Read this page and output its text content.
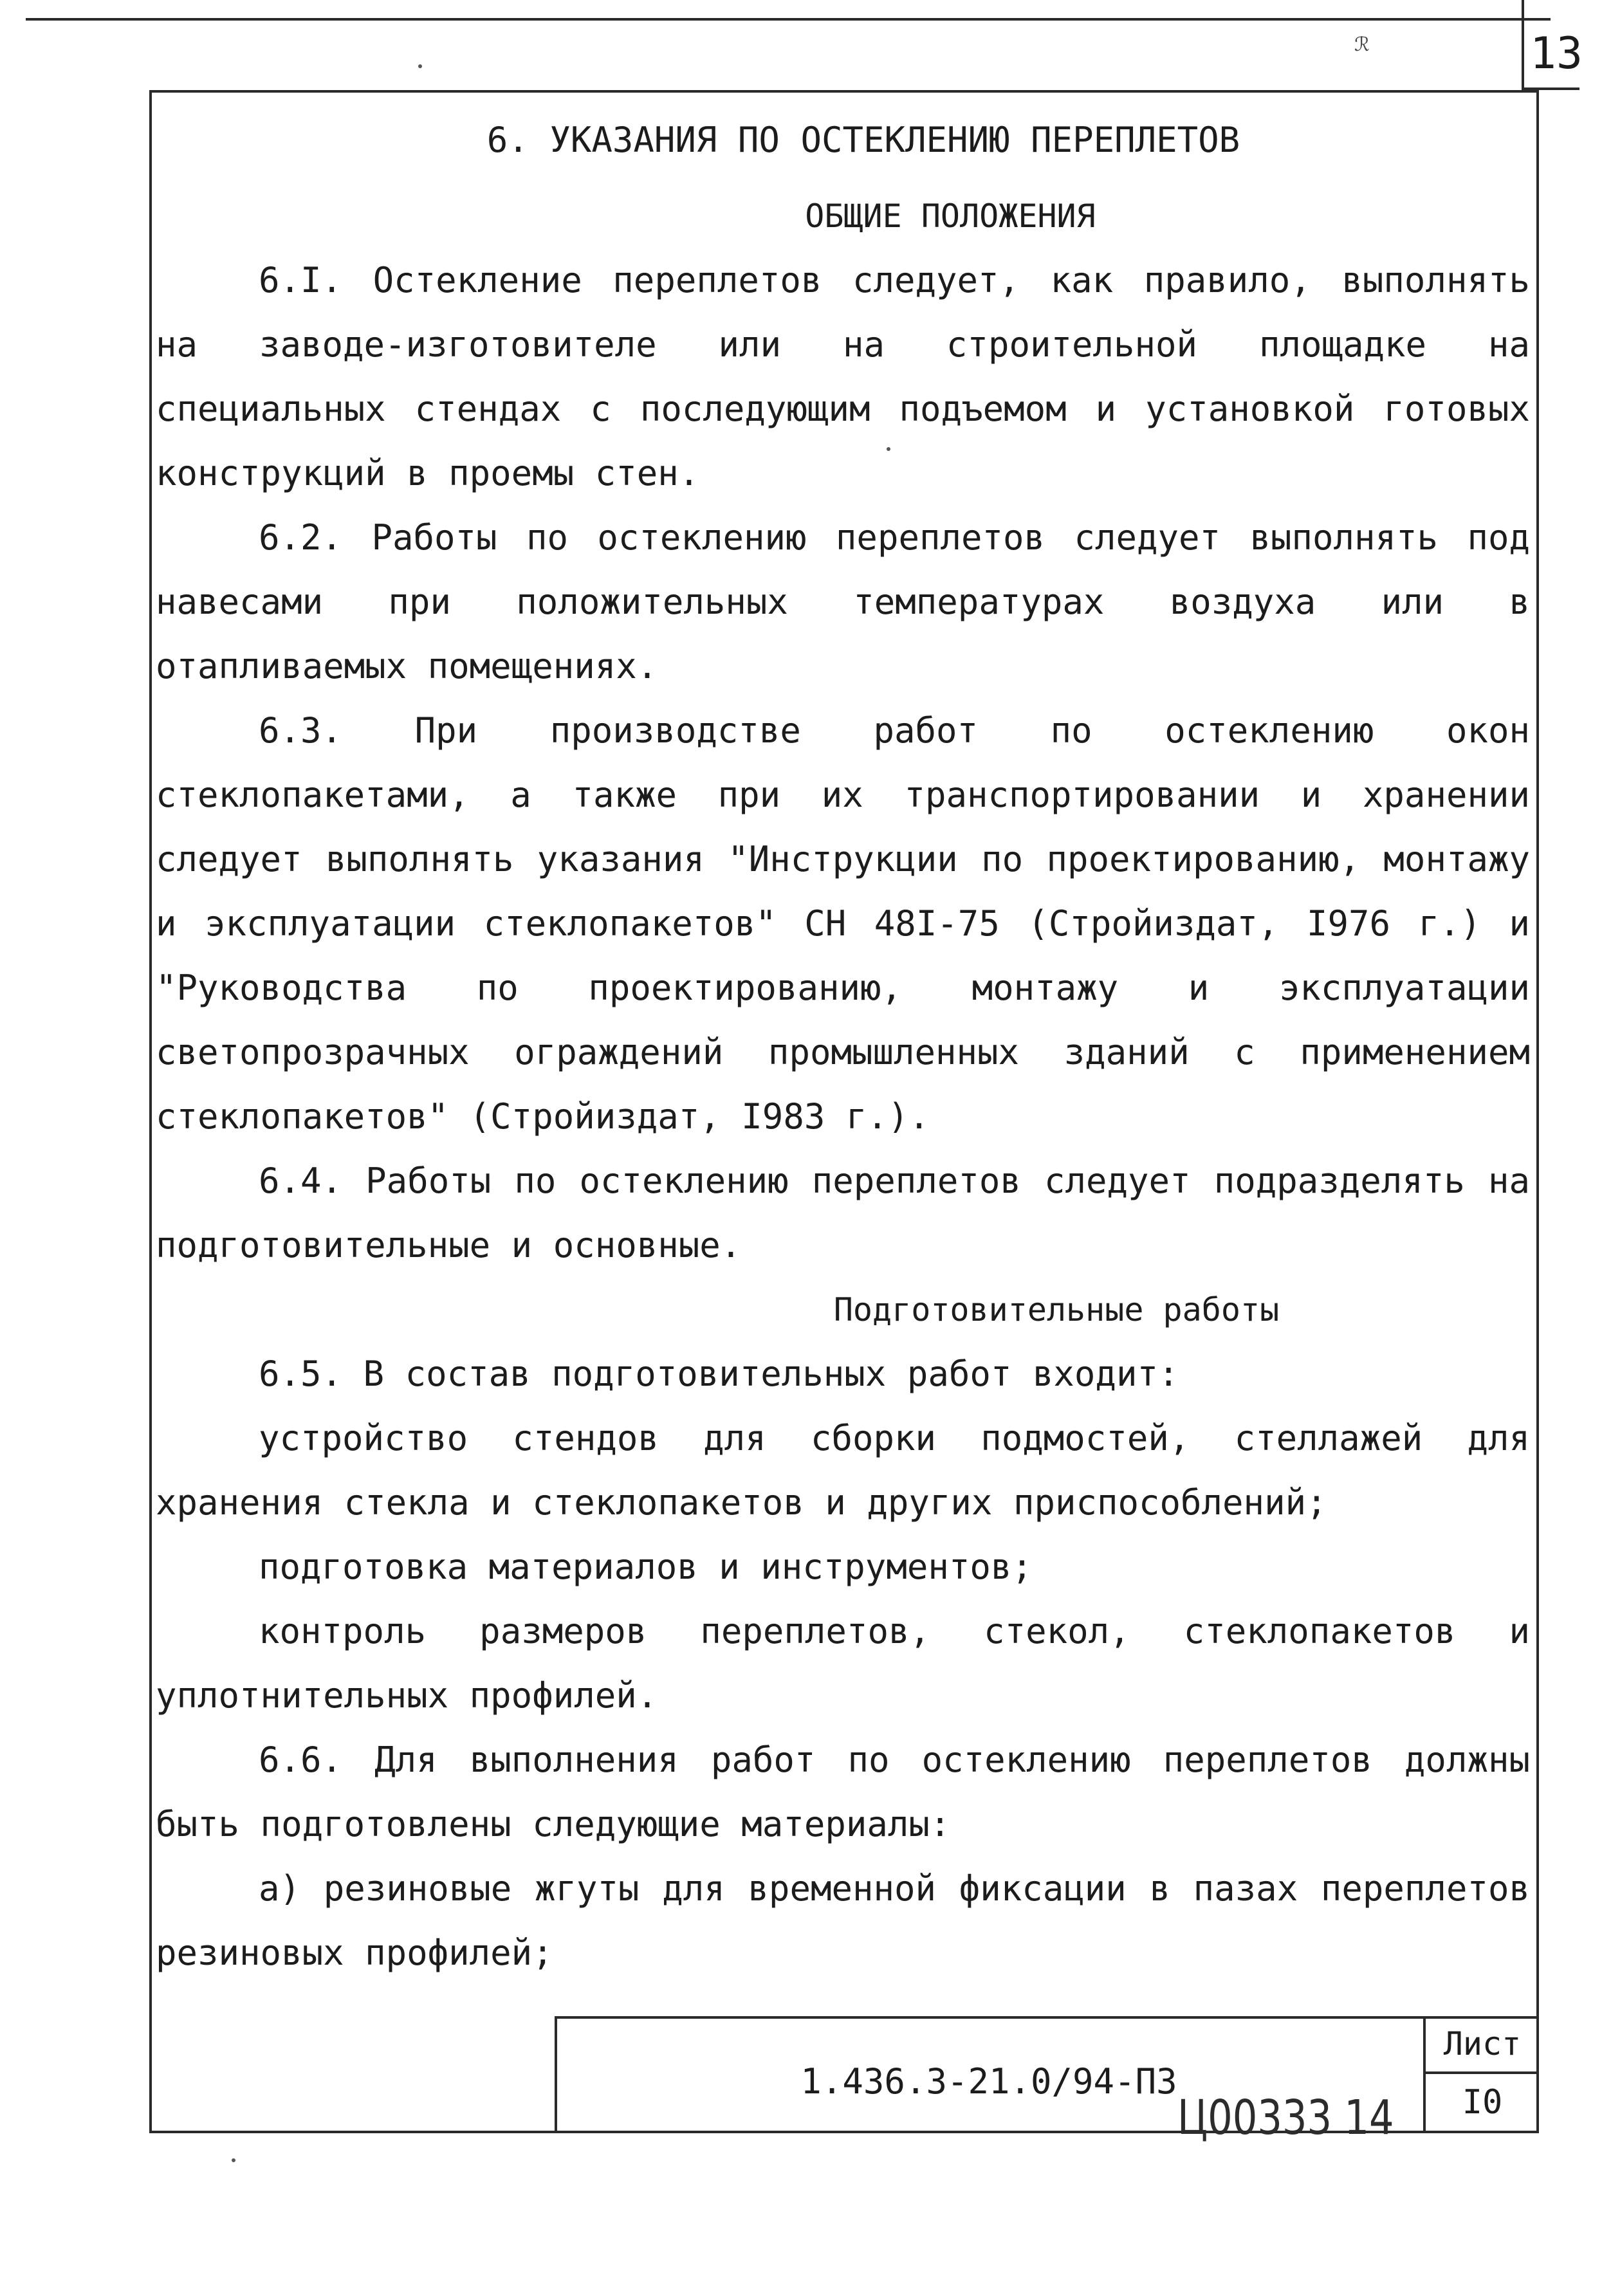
13
ℛ
6. УКАЗАНИЯ ПО ОСТЕКЛЕНИЮ ПЕРЕПЛЕТОВ
ОБЩИЕ ПОЛОЖЕНИЯ
6.I. Остекление переплетов следует, как правило, выполнять на заводе-изготовителе или на строительной площадке на специальных стендах с последующим подъемом и установкой готовых конструкций в проемы стен.
6.2. Работы по остеклению переплетов следует выполнять под навесами при положительных температурах воздуха или в отапливаемых помещениях.
6.3. При производстве работ по остеклению окон стеклопакетами, а также при их транспортировании и хранении следует выполнять указания "Инструкции по проектированию, монтажу и эксплуатации стеклопакетов" СН 48I-75 (Стройиздат, I976 г.) и "Руководства по проектированию, монтажу и эксплуатации светопрозрачных ограждений промышленных зданий с применением стеклопакетов" (Стройиздат, I983 г.).
6.4. Работы по остеклению переплетов следует подразделять на подготовительные и основные.
Подготовительные работы
6.5. В состав подготовительных работ входит:
устройство стендов для сборки подмостей, стеллажей для хранения стекла и стеклопакетов и других приспособлений;
подготовка материалов и инструментов;
контроль размеров переплетов, стекол, стеклопакетов и уплотнительных профилей.
6.6. Для выполнения работ по остеклению переплетов должны быть подготовлены следующие материалы:
а) резиновые жгуты для временной фиксации в пазах переплетов резиновых профилей;
1.436.3-21.0/94-ПЗ
Лист
I0
Ц00333 14
